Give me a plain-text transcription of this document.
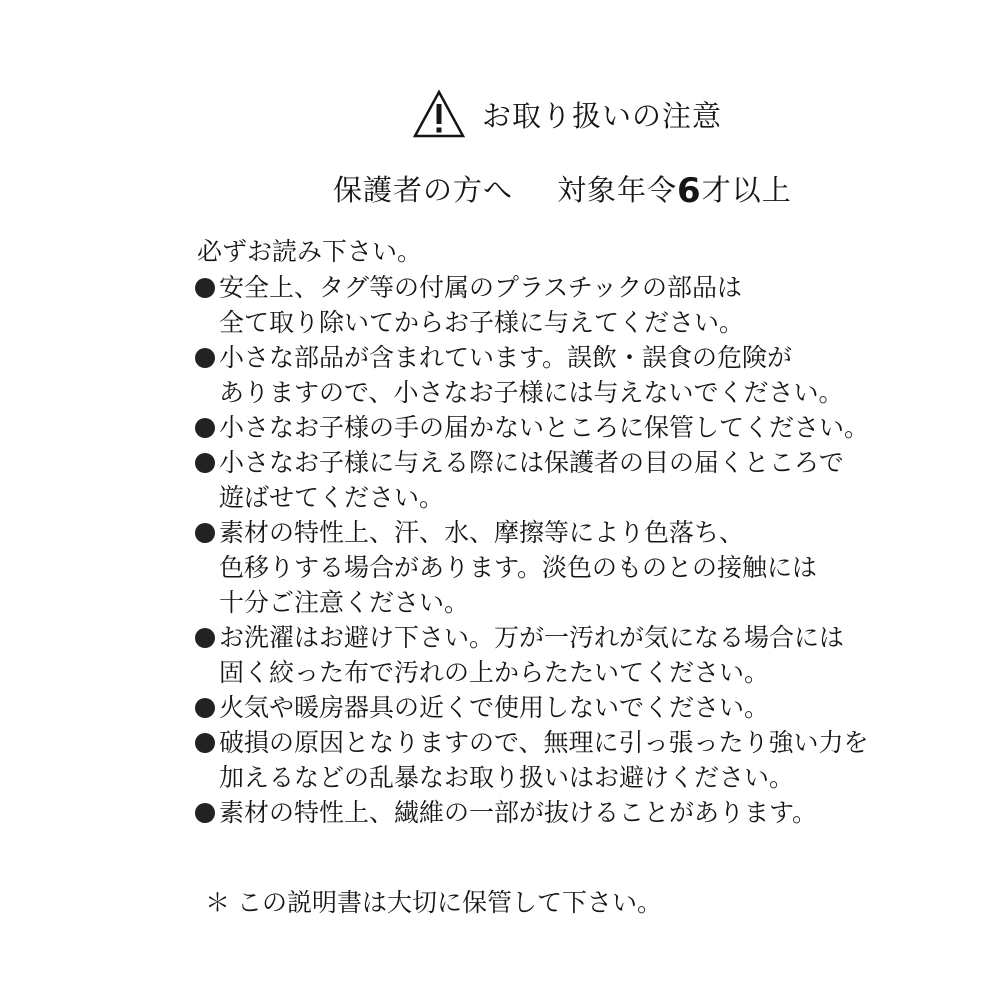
お取り扱いの注意
保護者の方へ 対象年令6才以上
必ずお読み下さい。
安全上、タグ等の付属のプラスチックの部品は
全て取り除いてからお子様に与えてください。
小さな部品が含まれています。誤飲・誤食の危険が
ありますので、小さなお子様には与えないでください。
小さなお子様の手の届かないところに保管してください。
小さなお子様に与える際には保護者の目の届くところで
遊ばせてください。
素材の特性上、汗、水、摩擦等により色落ち、
色移りする場合があります。淡色のものとの接触には
十分ご注意ください。
お洗濯はお避け下さい。万が一汚れが気になる場合には
固く絞った布で汚れの上からたたいてください。
火気や暖房器具の近くで使用しないでください。
破損の原因となりますので、無理に引っ張ったり強い力を
加えるなどの乱暴なお取り扱いはお避けください。
素材の特性上、繊維の一部が抜けることがあります。
＊ この説明書は大切に保管して下さい。
